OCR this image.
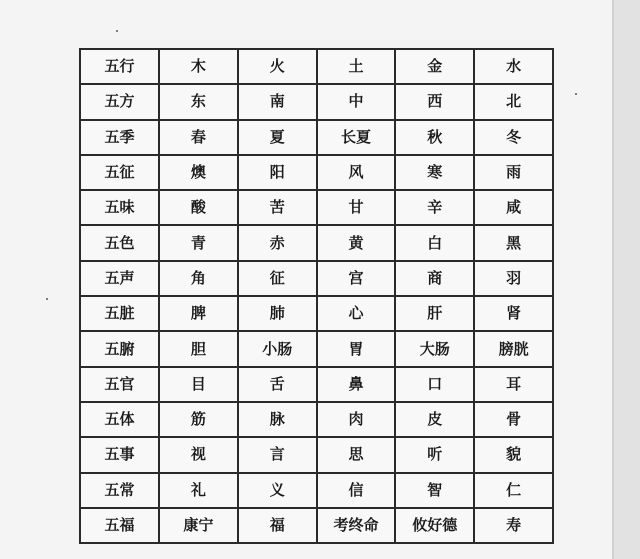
五行	木	火	土	金	水
五方	东	南	中	西	北
五季	春	夏	长夏	秋	冬
五征	燠	阳	风	寒	雨
五味	酸	苦	甘	辛	咸
五色	青	赤	黄	白	黑
五声	角	征	宫	商	羽
五脏	脾	肺	心	肝	肾
五腑	胆	小肠	胃	大肠	膀胱
五官	目	舌	鼻	口	耳
五体	筋	脉	肉	皮	骨
五事	视	言	思	听	貌
五常	礼	义	信	智	仁
五福	康宁	福	考终命	攸好德	寿
